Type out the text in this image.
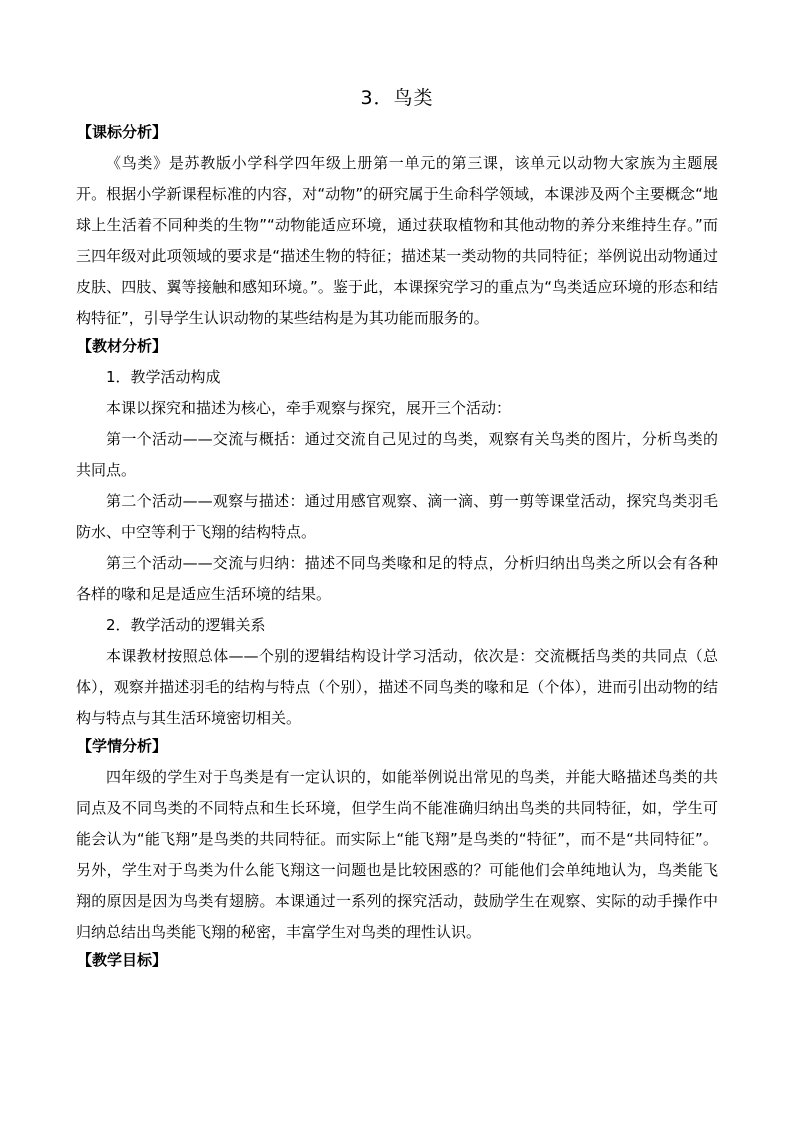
3．鸟类

【课标分析】

《鸟类》是苏教版小学科学四年级上册第一单元的第三课，该单元以动物大家族为主题展开。根据小学新课程标准的内容，对“动物”的研究属于生命科学领域，本课涉及两个主要概念“地球上生活着不同种类的生物”“动物能适应环境，通过获取植物和其他动物的养分来维持生存。”而三四年级对此项领域的要求是“描述生物的特征；描述某一类动物的共同特征；举例说出动物通过皮肤、四肢、翼等接触和感知环境。”。鉴于此，本课探究学习的重点为“鸟类适应环境的形态和结构特征”，引导学生认识动物的某些结构是为其功能而服务的。

【教材分析】

1．教学活动构成

本课以探究和描述为核心，牵手观察与探究，展开三个活动：

第一个活动——交流与概括：通过交流自己见过的鸟类，观察有关鸟类的图片，分析鸟类的共同点。

第二个活动——观察与描述：通过用感官观察、滴一滴、剪一剪等课堂活动，探究鸟类羽毛防水、中空等利于飞翔的结构特点。

第三个活动——交流与归纳：描述不同鸟类喙和足的特点，分析归纳出鸟类之所以会有各种各样的喙和足是适应生活环境的结果。

2．教学活动的逻辑关系

本课教材按照总体——个别的逻辑结构设计学习活动，依次是：交流概括鸟类的共同点（总体），观察并描述羽毛的结构与特点（个别），描述不同鸟类的喙和足（个体），进而引出动物的结构与特点与其生活环境密切相关。

【学情分析】

四年级的学生对于鸟类是有一定认识的，如能举例说出常见的鸟类，并能大略描述鸟类的共同点及不同鸟类的不同特点和生长环境，但学生尚不能准确归纳出鸟类的共同特征，如，学生可能会认为“能飞翔”是鸟类的共同特征。而实际上“能飞翔”是鸟类的“特征”，而不是“共同特征”。另外，学生对于鸟类为什么能飞翔这一问题也是比较困惑的？可能他们会单纯地认为，鸟类能飞翔的原因是因为鸟类有翅膀。本课通过一系列的探究活动，鼓励学生在观察、实际的动手操作中归纳总结出鸟类能飞翔的秘密，丰富学生对鸟类的理性认识。

【教学目标】
